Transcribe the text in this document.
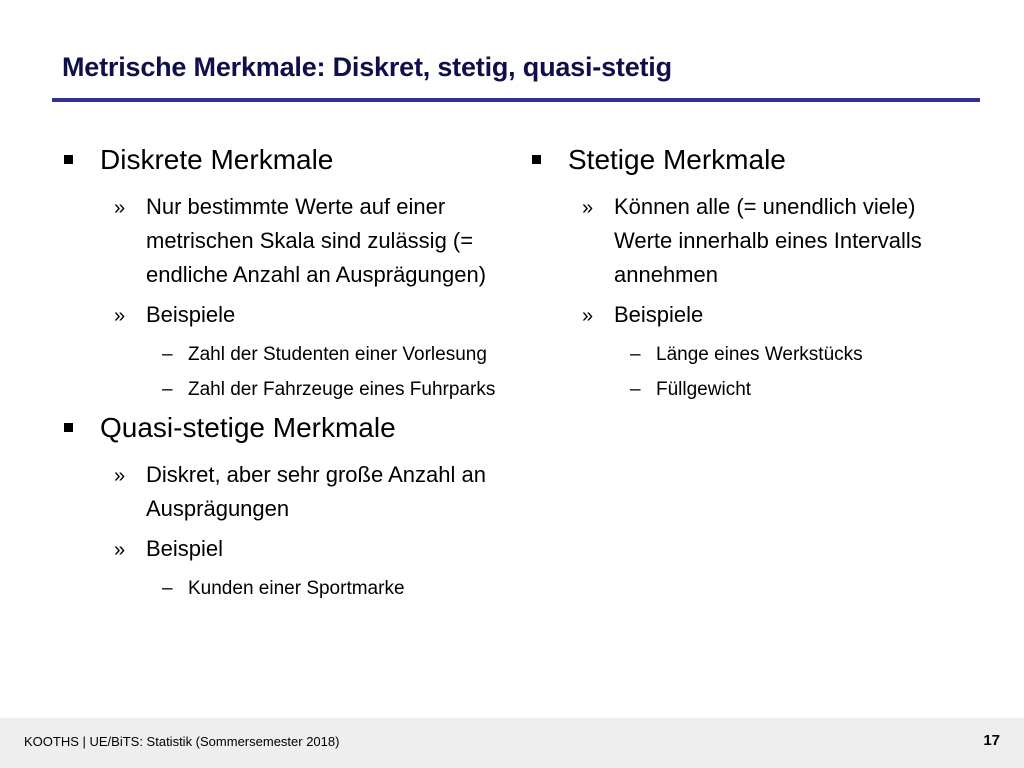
Metrische Merkmale: Diskret, stetig, quasi-stetig
Diskrete Merkmale
» Nur bestimmte Werte auf einer metrischen Skala sind zulässig (= endliche Anzahl an Ausprägungen)
» Beispiele
– Zahl der Studenten einer Vorlesung
– Zahl der Fahrzeuge eines Fuhrparks
Quasi-stetige Merkmale
» Diskret, aber sehr große Anzahl an Ausprägungen
» Beispiel
– Kunden einer Sportmarke
Stetige Merkmale
» Können alle (= unendlich viele) Werte innerhalb eines Intervalls annehmen
» Beispiele
– Länge eines Werkstücks
– Füllgewicht
KOOTHS | UE/BiTS: Statistik (Sommersemester 2018)	17
